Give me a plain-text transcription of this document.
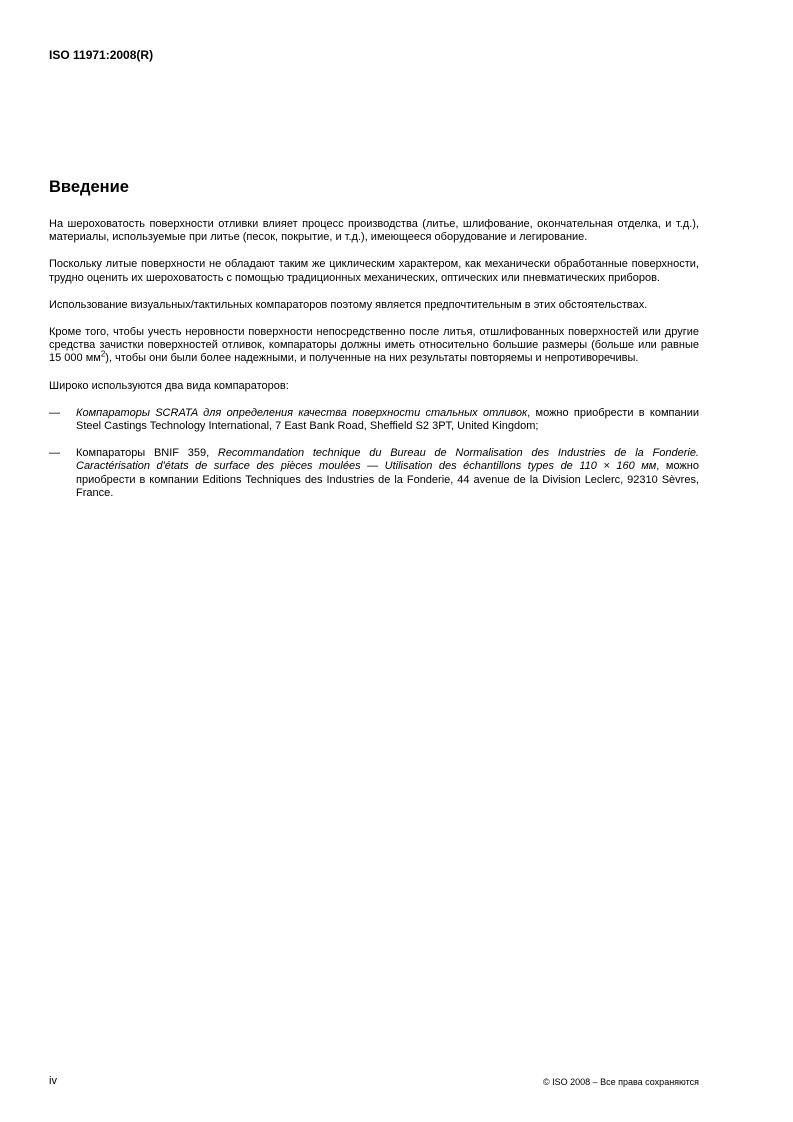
ISO 11971:2008(R)
Введение

На шероховатость поверхности отливки влияет процесс производства (литье, шлифование, окончательная отделка, и т.д.), материалы, используемые при литье (песок, покрытие, и т.д.), имеющееся оборудование и легирование.

Поскольку литые поверхности не обладают таким же циклическим характером, как механически обработанные поверхности, трудно оценить их шероховатость с помощью традиционных механических, оптических или пневматических приборов.

Использование визуальных/тактильных компараторов поэтому является предпочтительным в этих обстоятельствах.

Кроме того, чтобы учесть неровности поверхности непосредственно после литья, отшлифованных поверхностей или другие средства зачистки поверхностей отливок, компараторы должны иметь относительно большие размеры (больше или равные 15 000 $мм^2$), чтобы они были более надежными, и полученные на них результаты повторяемы и непротиворечивы.

Широко используются два вида компараторов:

— Компараторы SCRATA для определения качества поверхности стальных отливок, можно приобрести в компании Steel Castings Technology International, 7 East Bank Road, Sheffield S2 3PT, United Kingdom;
— Компараторы BNIF 359, Recommandation technique du Bureau de Normalisation des Industries de la Fonderie. Caractérisation d'états de surface des pièces moulées — Utilisation des échantillons types de 110 × 160 мм, можно приобрести в компании Editions Techniques des Industries de la Fonderie, 44 avenue de la Division Leclerc, 92310 Sèvres, France.
iv	© ISO 2008 – Все права сохраняются
